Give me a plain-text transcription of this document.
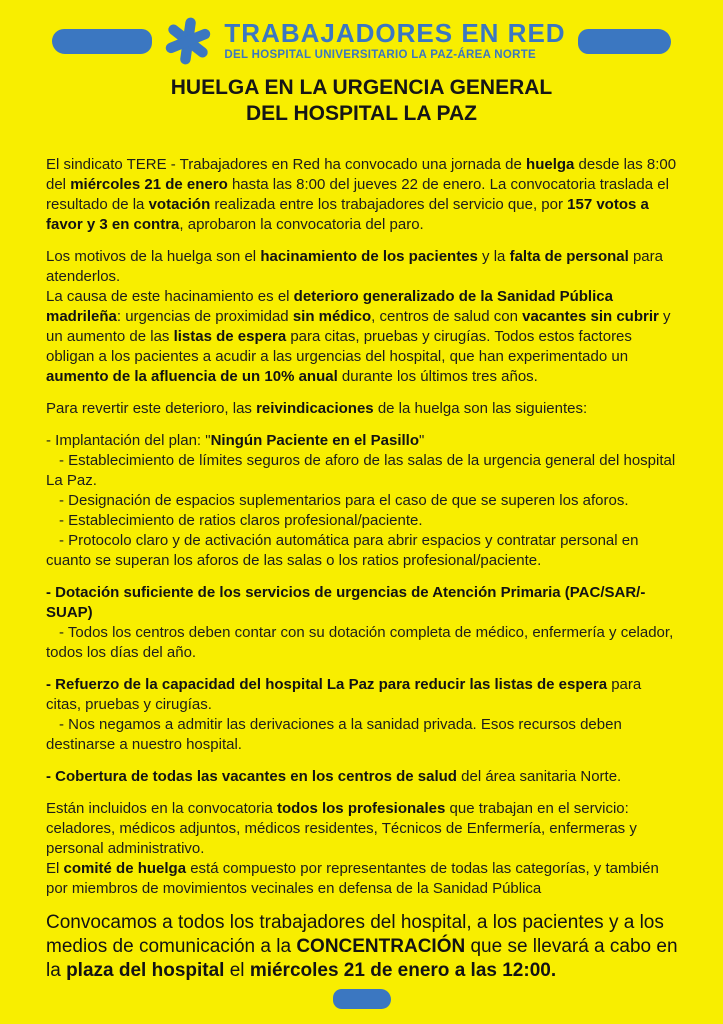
TRABAJADORES EN RED
DEL HOSPITAL UNIVERSITARIO LA PAZ-ÁREA NORTE
HUELGA EN LA URGENCIA GENERAL
DEL HOSPITAL LA PAZ

El sindicato TERE - Trabajadores en Red ha convocado una jornada de huelga desde las 8:00 del miércoles 21 de enero hasta las 8:00 del jueves 22 de enero. La convocatoria traslada el resultado de la votación realizada entre los trabajadores del servicio que, por 157 votos a favor y 3 en contra, aprobaron la convocatoria del paro.

Los motivos de la huelga son el hacinamiento de los pacientes y la falta de personal para atenderlos.

La causa de este hacinamiento es el deterioro generalizado de la Sanidad Pública madrileña: urgencias de proximidad sin médico, centros de salud con vacantes sin cubrir y un aumento de las listas de espera para citas, pruebas y cirugías. Todos estos factores obligan a los pacientes a acudir a las urgencias del hospital, que han experimentado un aumento de la afluencia de un 10% anual durante los últimos tres años.

Para revertir este deterioro, las reivindicaciones de la huelga son las siguientes:

- Implantación del plan: "Ningún Paciente en el Pasillo"

- Establecimiento de límites seguros de aforo de las salas de la urgencia general del hospital La Paz.

- Designación de espacios suplementarios para el caso de que se superen los aforos.

- Establecimiento de ratios claros profesional/paciente.

- Protocolo claro y de activación automática para abrir espacios y contratar personal en cuanto se superan los aforos de las salas o los ratios profesional/paciente.

- Dotación suficiente de los servicios de urgencias de Atención Primaria (PAC/SAR/-SUAP)

- Todos los centros deben contar con su dotación completa de médico, enfermería y celador, todos los días del año.

- Refuerzo de la capacidad del hospital La Paz para reducir las listas de espera para citas, pruebas y cirugías.

- Nos negamos a admitir las derivaciones a la sanidad privada. Esos recursos deben destinarse a nuestro hospital.

- Cobertura de todas las vacantes en los centros de salud del área sanitaria Norte.

Están incluidos en la convocatoria todos los profesionales que trabajan en el servicio: celadores, médicos adjuntos, médicos residentes, Técnicos de Enfermería, enfermeras y personal administrativo.

El comité de huelga está compuesto por representantes de todas las categorías, y también por miembros de movimientos vecinales en defensa de la Sanidad Pública

Convocamos a todos los trabajadores del hospital, a los pacientes y a los medios de comunicación a la CONCENTRACIÓN que se llevará a cabo en la plaza del hospital el miércoles 21 de enero a las 12:00.
